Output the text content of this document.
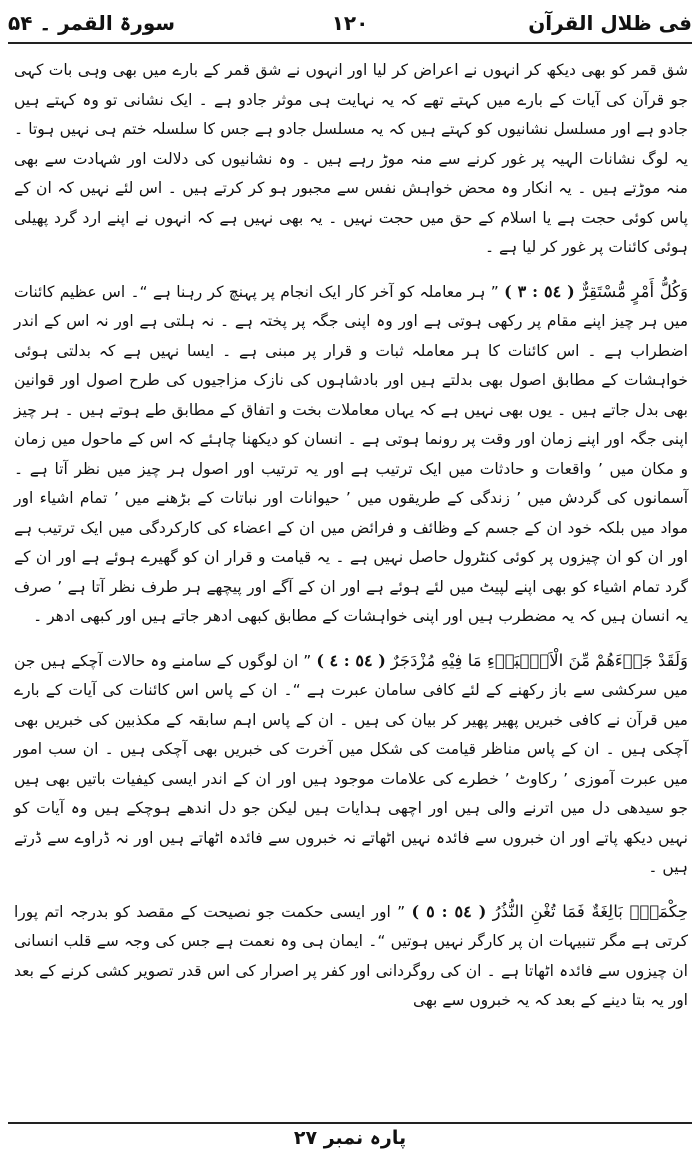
فی ظلال القرآن
١٢٠
سورۃ القمر ۔ ۵۴

شق قمر کو بھی دیکھ کر انہوں نے اعراض کر لیا اور انہوں نے شق قمر کے بارے میں بھی وہی بات کہی جو قرآن کی آیات کے بارے میں کہتے تھے کہ یہ نہایت ہی موثر جادو ہے ۔ ایک نشانی تو وہ کہتے ہیں جادو ہے اور مسلسل نشانیوں کو کہتے ہیں کہ یہ مسلسل جادو ہے جس کا سلسلہ ختم ہی نہیں ہوتا ۔ یہ لوگ نشانات الہیہ پر غور کرنے سے منہ موڑ رہے ہیں ۔ وہ نشانیوں کی دلالت اور شہادت سے بھی منہ موڑتے ہیں ۔ یہ انکار وہ محض خواہش نفس سے مجبور ہو کر کرتے ہیں ۔ اس لئے نہیں کہ ان کے پاس کوئی حجت ہے یا اسلام کے حق میں حجت نہیں ۔ یہ بھی نہیں ہے کہ انہوں نے اپنے ارد گرد پھیلی ہوئی کائنات پر غور کر لیا ہے ۔

وَكُلُّ أَمْرٍ مُّسْتَقِرٌّ ( ٥٤ : ٣ ) ” ہر معاملہ کو آخر کار ایک انجام پر پہنچ کر رہنا ہے “۔ اس عظیم کائنات میں ہر چیز اپنے مقام پر رکھی ہوتی ہے اور وہ اپنی جگہ پر پختہ ہے ۔ نہ ہلتی ہے اور نہ اس کے اندر اضطراب ہے ۔ اس کائنات کا ہر معاملہ ثبات و قرار پر مبنی ہے ۔ ایسا نہیں ہے کہ بدلتی ہوئی خواہشات کے مطابق اصول بھی بدلتے ہیں اور بادشاہوں کی نازک مزاجیوں کی طرح اصول اور قوانین بھی بدل جاتے ہیں ۔ یوں بھی نہیں ہے کہ یہاں معاملات بخت و اتفاق کے مطابق طے ہوتے ہیں ۔ ہر چیز اپنی جگہ اور اپنے زمان اور وقت پر رونما ہوتی ہے ۔ انسان کو دیکھنا چاہئے کہ اس کے ماحول میں زمان و مکان میں ’ واقعات و حادثات میں ایک ترتیب ہے اور یہ ترتیب اور اصول ہر چیز میں نظر آتا ہے ۔ آسمانوں کی گردش میں ’ زندگی کے طریقوں میں ’ حیوانات اور نباتات کے بڑھنے میں ’ تمام اشیاء اور مواد میں بلکہ خود ان کے جسم کے وظائف و فرائض میں ان کے اعضاء کی کارکردگی میں ایک ترتیب ہے اور ان کو ان چیزوں پر کوئی کنٹرول حاصل نہیں ہے ۔ یہ قیامت و قرار ان کو گھیرے ہوئے ہے اور ان کے گرد تمام اشیاء کو بھی اپنے لپیٹ میں لئے ہوئے ہے اور ان کے آگے اور پیچھے ہر طرف نظر آتا ہے ’ صرف یہ انسان ہیں کہ یہ مضطرب ہیں اور اپنی خواہشات کے مطابق کبھی ادھر جاتے ہیں اور کبھی ادھر ۔

وَلَقَدْ جَاۗءَهُمْ مِّنَ الْاَنْۢبَاۗءِ مَا فِيْهِ مُزْدَجَرٌ ( ٥٤ : ٤ ) ” ان لوگوں کے سامنے وہ حالات آچکے ہیں جن میں سرکشی سے باز رکھنے کے لئے کافی سامان عبرت ہے “۔ ان کے پاس اس کائنات کی آیات کے بارے میں قرآن نے کافی خبریں پھیر پھیر کر بیان کی ہیں ۔ ان کے پاس اہم سابقہ کے مکذبین کی خبریں بھی آچکی ہیں ۔ ان کے پاس مناظر قیامت کی شکل میں آخرت کی خبریں بھی آچکی ہیں ۔ ان سب امور میں عبرت آموزی ’ رکاوٹ ’ خطرے کی علامات موجود ہیں اور ان کے اندر ایسی کیفیات باتیں بھی ہیں جو سیدھی دل میں اترنے والی ہیں اور اچھی ہدایات ہیں لیکن جو دل اندھے ہوچکے ہیں وہ آیات کو نہیں دیکھ پاتے اور ان خبروں سے فائدہ نہیں اٹھاتے نہ خبروں سے فائدہ اٹھاتے ہیں اور نہ ڈراوے سے ڈرتے ہیں ۔

حِكْمَةٌۢ بَالِغَةٌ فَمَا تُغْنِ النُّذُرُ ( ٥٤ : ٥ ) ” اور ایسی حکمت جو نصیحت کے مقصد کو بدرجہ اتم پورا کرتی ہے مگر تنبیہات ان پر کارگر نہیں ہوتیں “۔ ایمان ہی وہ نعمت ہے جس کی وجہ سے قلب انسانی ان چیزوں سے فائدہ اٹھاتا ہے ۔ ان کی روگردانی اور کفر پر اصرار کی اس قدر تصویر کشی کرنے کے بعد اور یہ بتا دینے کے بعد کہ یہ خبروں سے بھی

پارہ نمبر ٢٧
